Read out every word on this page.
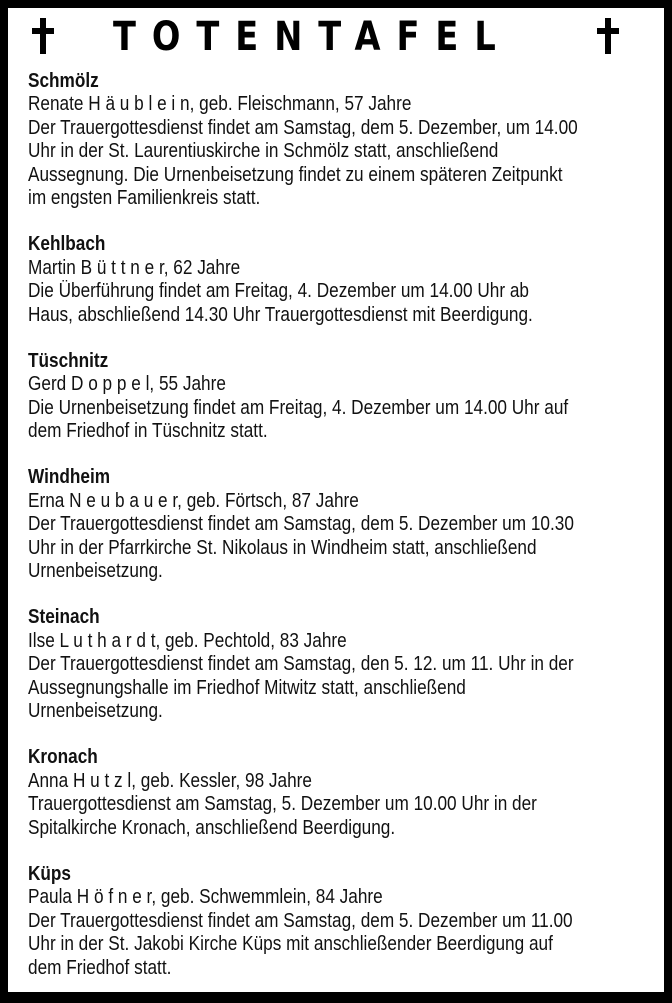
TOTENTAFEL
Schmölz
Renate H ä u b l e i n, geb. Fleischmann, 57 Jahre
Der Trauergottesdienst findet am Samstag, dem 5. Dezember, um 14.00
Uhr in der St. Laurentiuskirche in Schmölz statt, anschließend
Aussegnung. Die Urnenbeisetzung findet zu einem späteren Zeitpunkt
im engsten Familienkreis statt.
Kehlbach
Martin B ü t t n e r, 62 Jahre
Die Überführung findet am Freitag, 4. Dezember um 14.00 Uhr ab
Haus, abschließend 14.30 Uhr Trauergottesdienst mit Beerdigung.
Tüschnitz
Gerd D o p p e l, 55 Jahre
Die Urnenbeisetzung findet am Freitag, 4. Dezember um 14.00 Uhr auf
dem Friedhof in Tüschnitz statt.
Windheim
Erna N e u b a u e r, geb. Förtsch, 87 Jahre
Der Trauergottesdienst findet am Samstag, dem 5. Dezember um 10.30
Uhr in der Pfarrkirche St. Nikolaus in Windheim statt, anschließend
Urnenbeisetzung.
Steinach
Ilse L u t h a r d t, geb. Pechtold, 83 Jahre
Der Trauergottesdienst findet am Samstag, den 5. 12. um 11. Uhr in der
Aussegnungshalle im Friedhof Mitwitz statt, anschließend
Urnenbeisetzung.
Kronach
Anna H u t z l, geb. Kessler, 98 Jahre
Trauergottesdienst am Samstag, 5. Dezember um 10.00 Uhr in der
Spitalkirche Kronach, anschließend Beerdigung.
Küps
Paula H ö f n e r, geb. Schwemmlein, 84 Jahre
Der Trauergottesdienst findet am Samstag, dem 5. Dezember um 11.00
Uhr in der St. Jakobi Kirche Küps mit anschließender Beerdigung auf
dem Friedhof statt.
